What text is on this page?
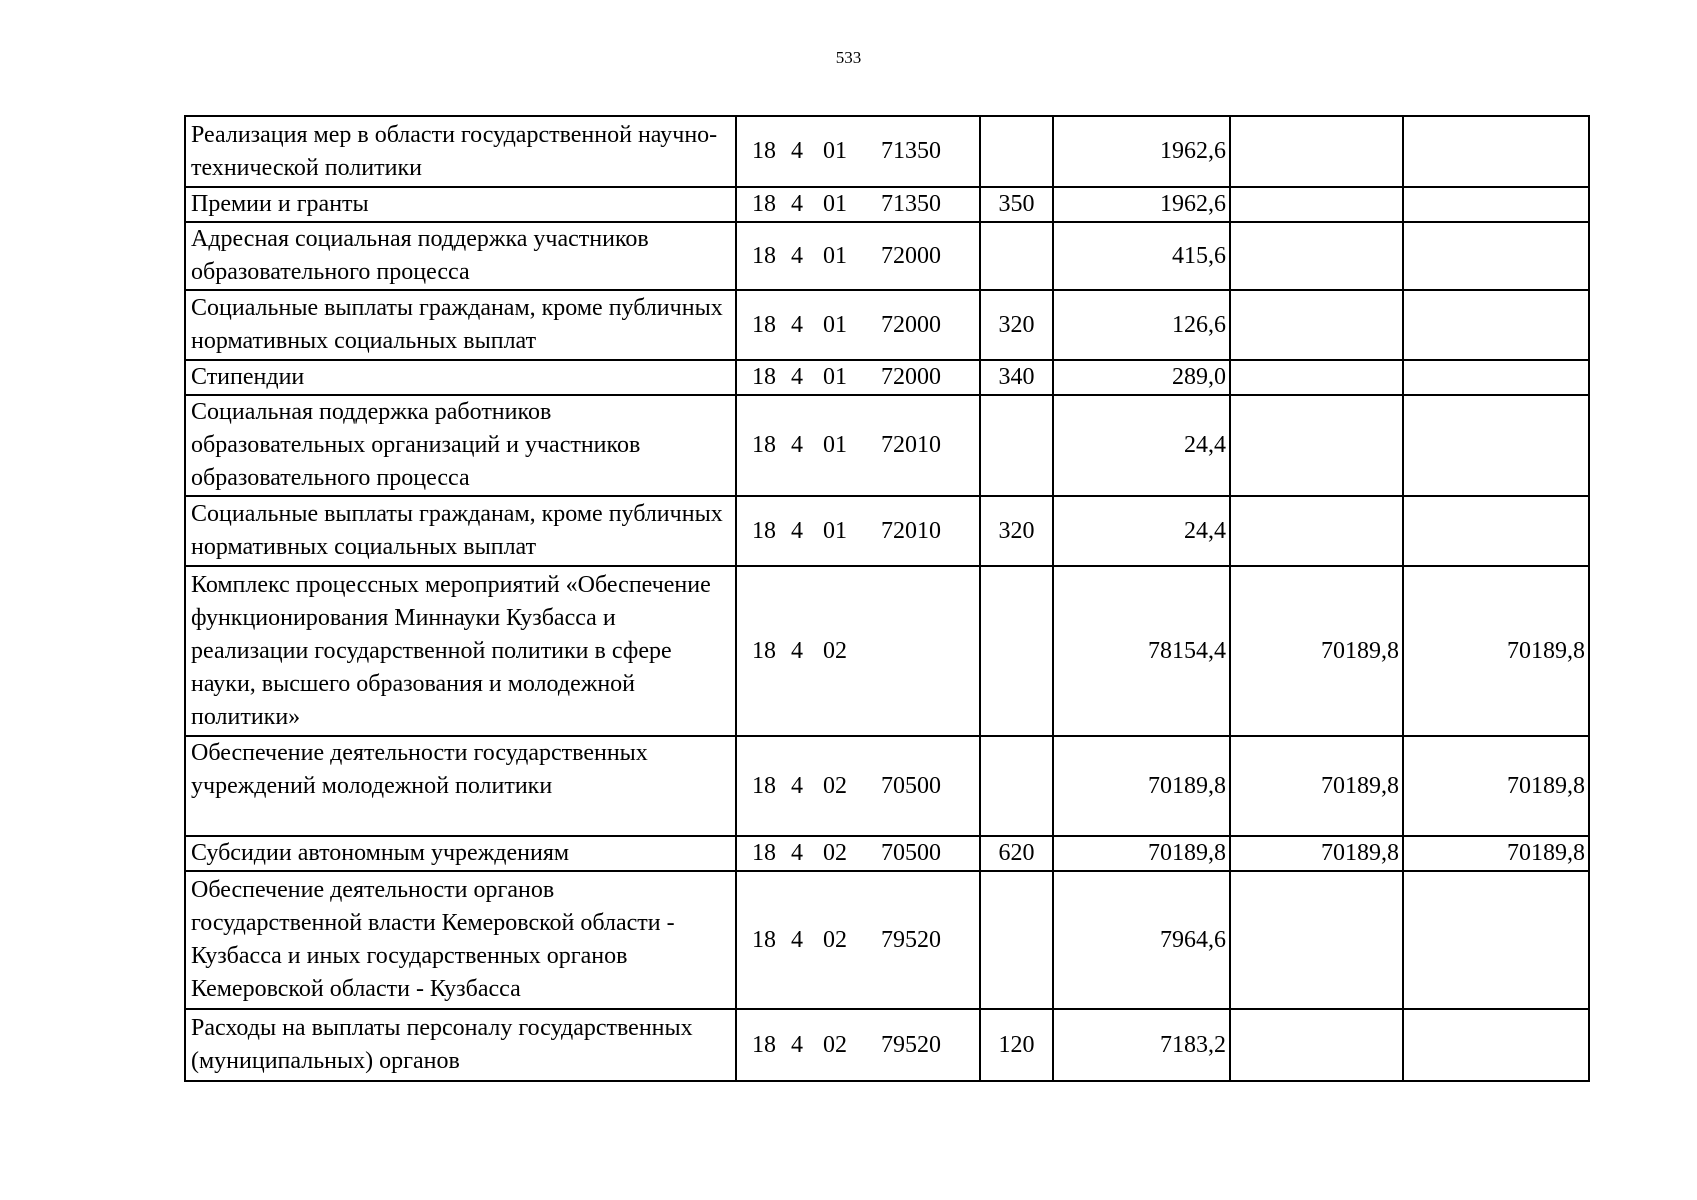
533
Реализация мер в области государственной научно-технической политики	18 4 01 71350		1962,6		
Премии и гранты	18 4 01 71350	350	1962,6		
Адресная социальная поддержка участников образовательного процесса	18 4 01 72000		415,6		
Социальные выплаты гражданам, кроме публичных нормативных социальных выплат	18 4 01 72000	320	126,6		
Стипендии	18 4 01 72000	340	289,0		
Социальная поддержка работников образовательных организаций и участников образовательного процесса	18 4 01 72010		24,4		
Социальные выплаты гражданам, кроме публичных нормативных социальных выплат	18 4 01 72010	320	24,4		
Комплекс процессных мероприятий «Обеспечение функционирования Миннауки Кузбасса и реализации государственной политики в сфере науки, высшего образования и молодежной политики»	18 4 02		78154,4	70189,8	70189,8
Обеспечение деятельности государственных учреждений молодежной политики	18 4 02 70500		70189,8	70189,8	70189,8
Субсидии автономным учреждениям	18 4 02 70500	620	70189,8	70189,8	70189,8
Обеспечение деятельности органов государственной власти Кемеровской области - Кузбасса и иных государственных органов Кемеровской области - Кузбасса	18 4 02 79520		7964,6		
Расходы на выплаты персоналу государственных (муниципальных) органов	18 4 02 79520	120	7183,2		
